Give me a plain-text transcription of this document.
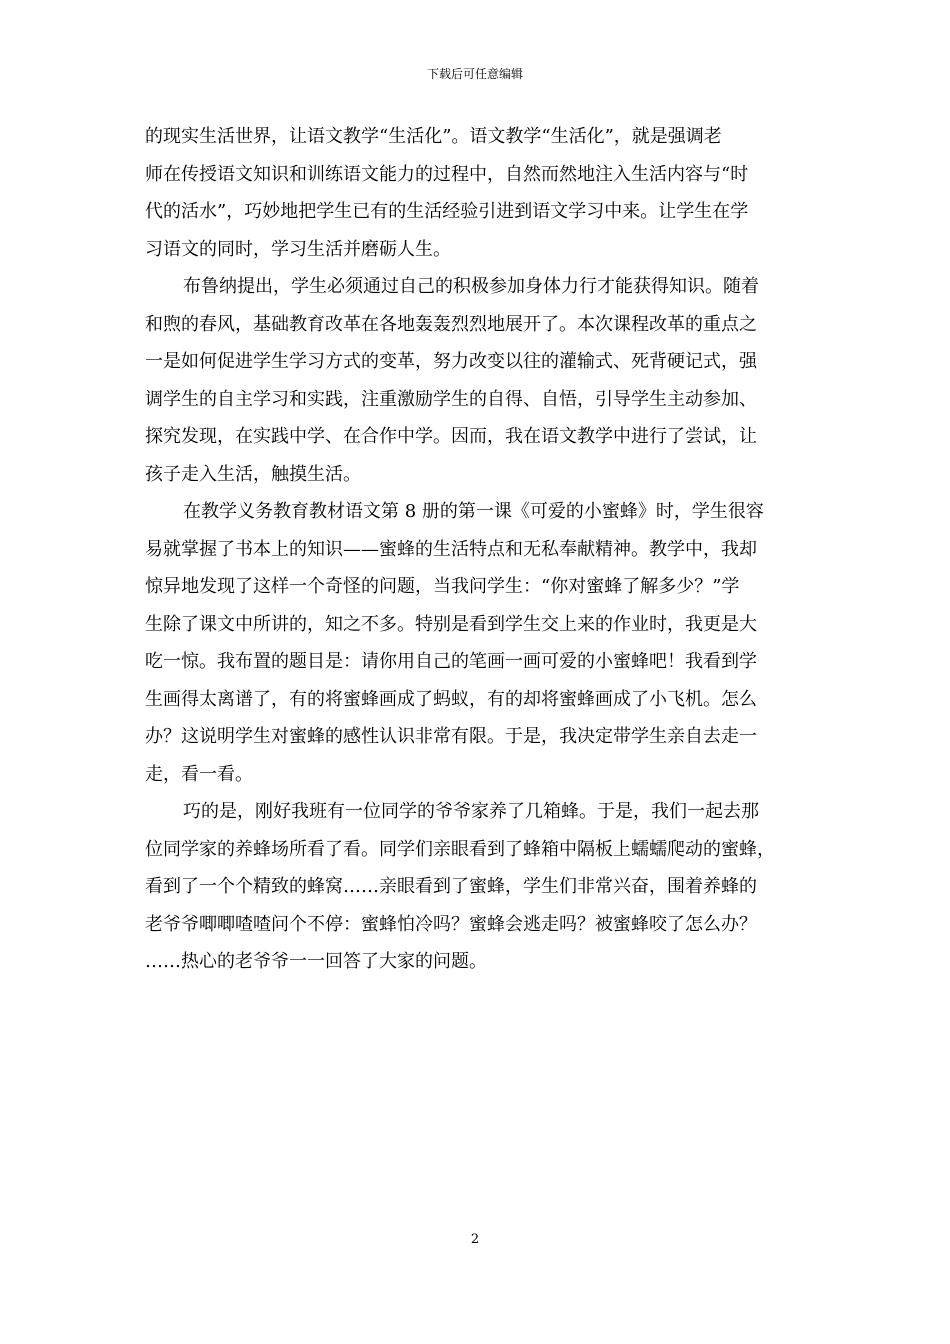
下载后可任意编辑
的现实生活世界，让语文教学“生活化”。语文教学“生活化”，就是强调老
师在传授语文知识和训练语文能力的过程中，自然而然地注入生活内容与“时
代的活水”，巧妙地把学生已有的生活经验引进到语文学习中来。让学生在学
习语文的同时，学习生活并磨砺人生。
布鲁纳提出，学生必须通过自己的积极参加身体力行才能获得知识。随着
和煦的春风，基础教育改革在各地轰轰烈烈地展开了。本次课程改革的重点之
一是如何促进学生学习方式的变革，努力改变以往的灌输式、死背硬记式，强
调学生的自主学习和实践，注重激励学生的自得、自悟，引导学生主动参加、
探究发现，在实践中学、在合作中学。因而，我在语文教学中进行了尝试，让
孩子走入生活，触摸生活。
在教学义务教育教材语文第 8 册的第一课《可爱的小蜜蜂》时，学生很容
易就掌握了书本上的知识——蜜蜂的生活特点和无私奉献精神。教学中，我却
惊异地发现了这样一个奇怪的问题，当我问学生：“你对蜜蜂了解多少？”学
生除了课文中所讲的，知之不多。特别是看到学生交上来的作业时，我更是大
吃一惊。我布置的题目是：请你用自己的笔画一画可爱的小蜜蜂吧！我看到学
生画得太离谱了，有的将蜜蜂画成了蚂蚁，有的却将蜜蜂画成了小飞机。怎么
办？这说明学生对蜜蜂的感性认识非常有限。于是，我决定带学生亲自去走一
走，看一看。
巧的是，刚好我班有一位同学的爷爷家养了几箱蜂。于是，我们一起去那
位同学家的养蜂场所看了看。同学们亲眼看到了蜂箱中隔板上蠕蠕爬动的蜜蜂，
看到了一个个精致的蜂窝……亲眼看到了蜜蜂，学生们非常兴奋，围着养蜂的
老爷爷唧唧喳喳问个不停：蜜蜂怕冷吗？蜜蜂会逃走吗？被蜜蜂咬了怎么办？
……热心的老爷爷一一回答了大家的问题。
2
